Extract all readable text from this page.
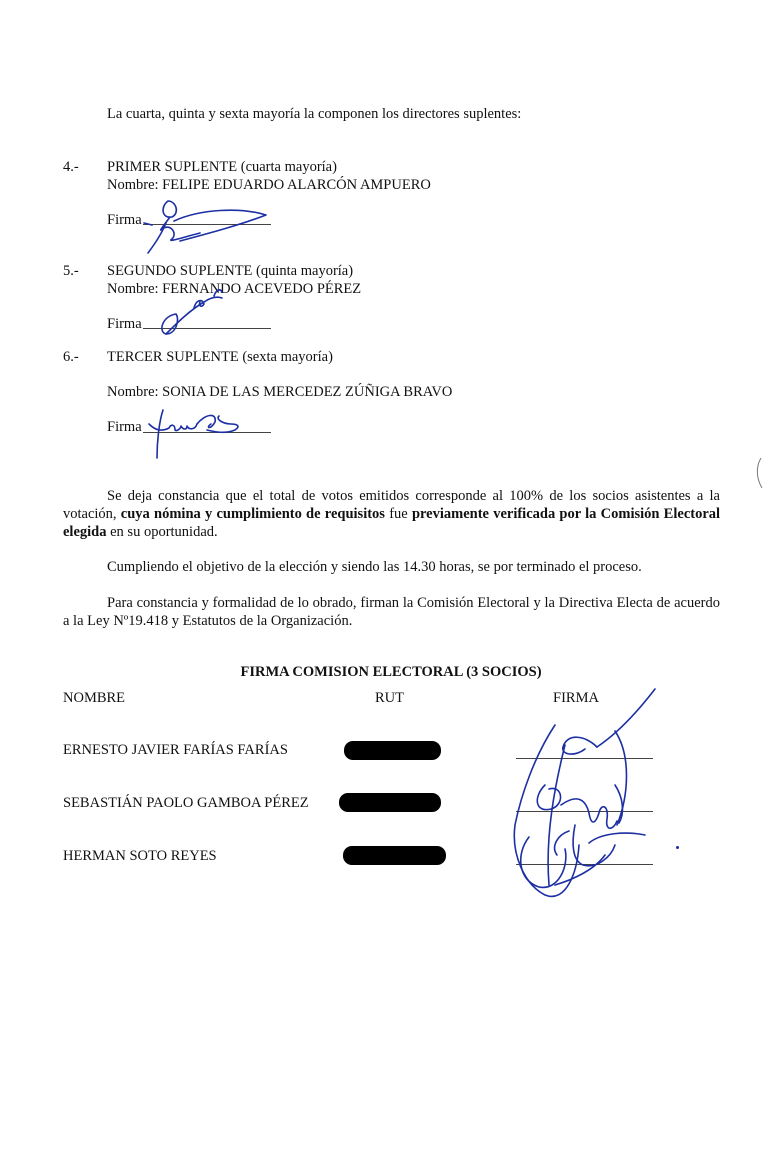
La cuarta, quinta y sexta mayoría la componen los directores suplentes:
4.- PRIMER SUPLENTE (cuarta mayoría)
Nombre: FELIPE EDUARDO ALARCÓN AMPUERO
Firma
5.- SEGUNDO SUPLENTE (quinta mayoría)
Nombre: FERNANDO ACEVEDO PÉREZ
Firma
6.- TERCER SUPLENTE (sexta mayoría)
Nombre: SONIA DE LAS MERCEDEZ ZÚÑIGA BRAVO
Firma
Se deja constancia que el total de votos emitidos corresponde al 100% de los socios asistentes a la votación, cuya nómina y cumplimiento de requisitos fue previamente verificada por la Comisión Electoral elegida en su oportunidad.
Cumpliendo el objetivo de la elección y siendo las 14.30 horas, se por terminado el proceso.
Para constancia y formalidad de lo obrado, firman la Comisión Electoral y la Directiva Electa de acuerdo a la Ley Nº19.418 y Estatutos de la Organización.
FIRMA COMISION ELECTORAL (3 SOCIOS)
NOMBRE	RUT	FIRMA
ERNESTO JAVIER FARÍAS FARÍAS
SEBASTIÁN PAOLO GAMBOA PÉREZ
HERMAN SOTO REYES
